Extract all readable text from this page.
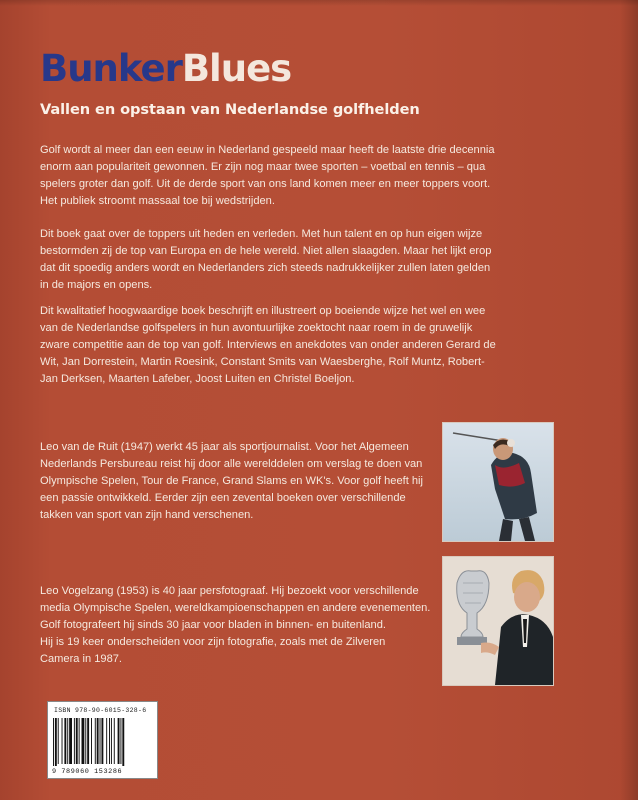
BunkerBlues
Vallen en opstaan van Nederlandse golfhelden
Golf wordt al meer dan een eeuw in Nederland gespeeld maar heeft de laatste drie decennia
enorm aan populariteit gewonnen. Er zijn nog maar twee sporten – voetbal en tennis – qua
spelers groter dan golf. Uit de derde sport van ons land komen meer en meer toppers voort.
Het publiek stroomt massaal toe bij wedstrijden.
Dit boek gaat over de toppers uit heden en verleden. Met hun talent en op hun eigen wijze
bestormden zij de top van Europa en de hele wereld. Niet allen slaagden. Maar het lijkt erop
dat dit spoedig anders wordt en Nederlanders zich steeds nadrukkelijker zullen laten gelden
in de majors en opens.
Dit kwalitatief hoogwaardige boek beschrijft en illustreert op boeiende wijze het wel en wee
van de Nederlandse golfspelers in hun avontuurlijke zoektocht naar roem in de gruwelijk
zware competitie aan de top van golf. Interviews en anekdotes van onder anderen Gerard de
Wit, Jan Dorrestein, Martin Roesink, Constant Smits van Waesberghe, Rolf Muntz, Robert-
Jan Derksen, Maarten Lafeber, Joost Luiten en Christel Boeljon.
Leo van de Ruit (1947) werkt 45 jaar als sportjournalist. Voor het Algemeen
Nederlands Persbureau reist hij door alle werelddelen om verslag te doen van
Olympische Spelen, Tour de France, Grand Slams en WK's. Voor golf heeft hij
een passie ontwikkeld. Eerder zijn een zevental boeken over verschillende
takken van sport van zijn hand verschenen.
Leo Vogelzang (1953) is 40 jaar persfotograaf. Hij bezoekt voor verschillende
media Olympische Spelen, wereldkampioenschappen en andere evenementen.
Golf fotografeert hij sinds 30 jaar voor bladen in binnen- en buitenland.
Hij is 19 keer onderscheiden voor zijn fotografie, zoals met de Zilveren
Camera in 1987.
ISBN 978-90-6015-328-6
9 789060 153286
